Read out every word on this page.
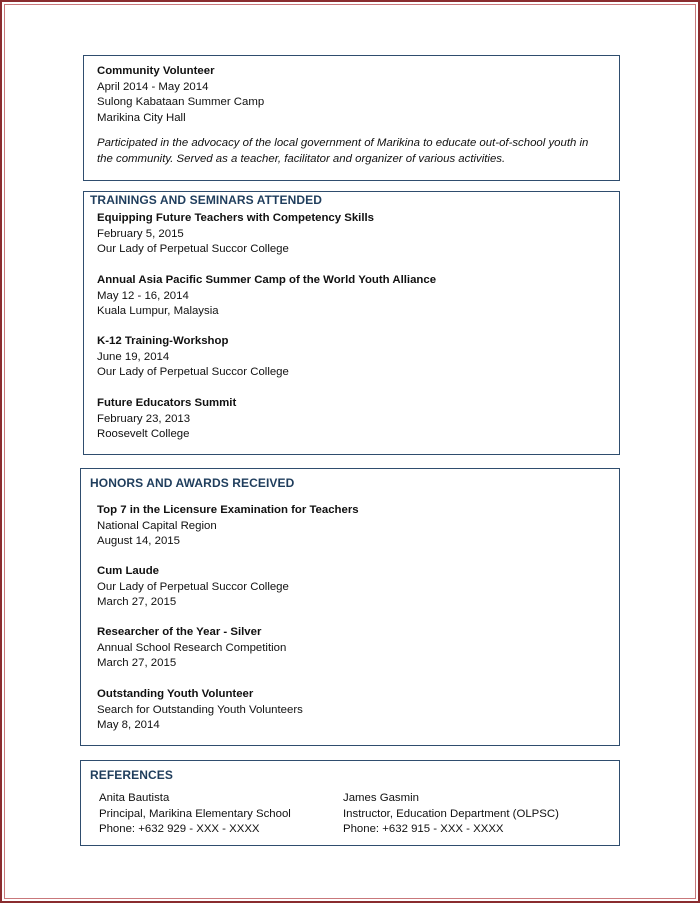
Community Volunteer
April 2014 - May 2014
Sulong Kabataan Summer Camp
Marikina City Hall
Participated in the advocacy of the local government of Marikina to educate out-of-school youth in the community. Served as a teacher, facilitator and organizer of various activities.
TRAININGS AND SEMINARS ATTENDED
Equipping Future Teachers with Competency Skills
February 5, 2015
Our Lady of Perpetual Succor College
Annual Asia Pacific Summer Camp of the World Youth Alliance
May 12 - 16, 2014
Kuala Lumpur, Malaysia
K-12 Training-Workshop
June 19, 2014
Our Lady of Perpetual Succor College
Future Educators Summit
February 23, 2013
Roosevelt College
HONORS AND AWARDS RECEIVED
Top 7 in the Licensure Examination for Teachers
National Capital Region
August 14, 2015
Cum Laude
Our Lady of Perpetual Succor College
March 27, 2015
Researcher of the Year - Silver
Annual School Research Competition
March 27, 2015
Outstanding Youth Volunteer
Search for Outstanding Youth Volunteers
May 8, 2014
REFERENCES
Anita Bautista
Principal, Marikina Elementary School
Phone: +632 929 - XXX - XXXX
James Gasmin
Instructor, Education Department (OLPSC)
Phone: +632 915 - XXX - XXXX
